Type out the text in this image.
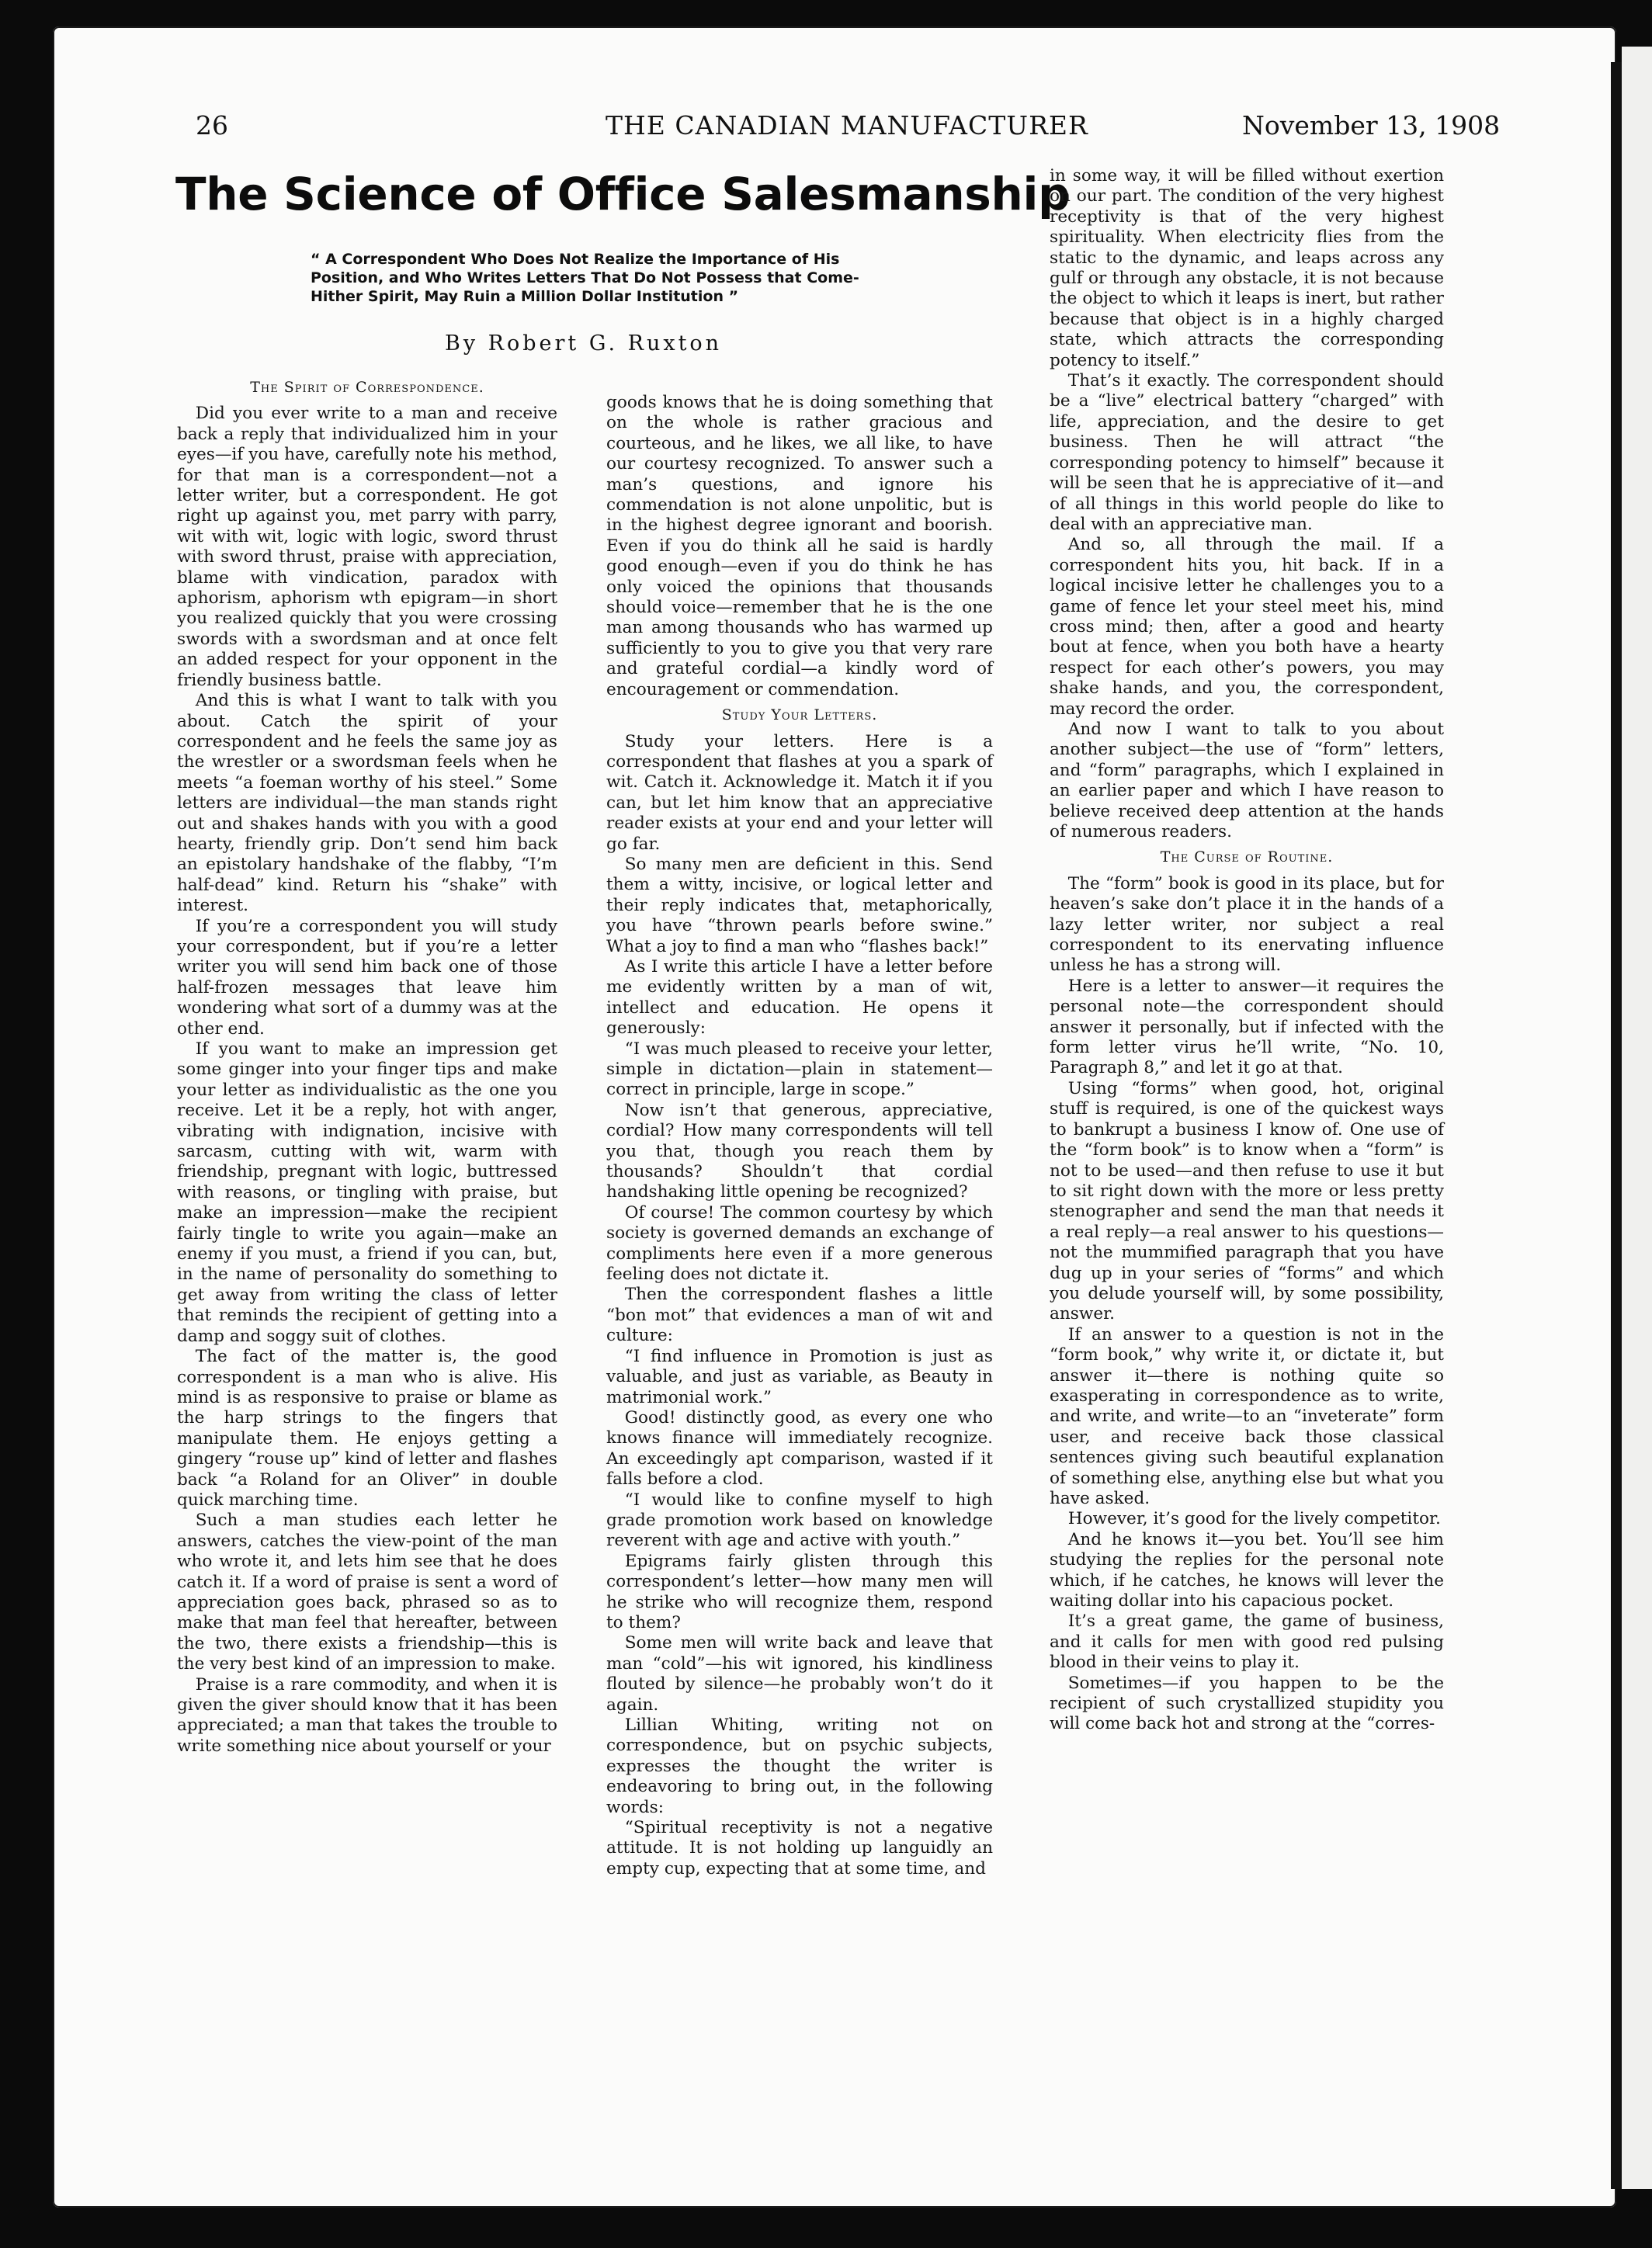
26	THE CANADIAN MANUFACTURER	November 13, 1908
The Science of Office Salesmanship

“ A Correspondent Who Does Not Realize the Importance of His Position, and Who Writes Letters That Do Not Possess that Come-Hither Spirit, May Ruin a Million Dollar Institution ”

By Robert G. Ruxton

The Spirit of Correspondence.

Did you ever write to a man and receive back a reply that individualized him in your eyes—if you have, carefully note his method, for that man is a correspondent—not a letter writer, but a correspondent. He got right up against you, met parry with parry, wit with wit, logic with logic, sword thrust with sword thrust, praise with appreciation, blame with vindication, paradox with aphorism, aphorism wth epigram—in short you realized quickly that you were crossing swords with a swordsman and at once felt an added respect for your opponent in the friendly business battle.

And this is what I want to talk with you about. Catch the spirit of your correspondent and he feels the same joy as the wrestler or a swordsman feels when he meets “a foeman worthy of his steel.” Some letters are individual—the man stands right out and shakes hands with you with a good hearty, friendly grip. Don’t send him back an epistolary handshake of the flabby, “I’m half-dead” kind. Return his “shake” with interest.

If you’re a correspondent you will study your correspondent, but if you’re a letter writer you will send him back one of those half-frozen messages that leave him wondering what sort of a dummy was at the other end.

If you want to make an impression get some ginger into your finger tips and make your letter as individualistic as the one you receive. Let it be a reply, hot with anger, vibrating with indignation, incisive with sarcasm, cutting with wit, warm with friendship, pregnant with logic, buttressed with reasons, or tingling with praise, but make an impression—make the recipient fairly tingle to write you again—make an enemy if you must, a friend if you can, but, in the name of personality do something to get away from writing the class of letter that reminds the recipient of getting into a damp and soggy suit of clothes.

The fact of the matter is, the good correspondent is a man who is alive. His mind is as responsive to praise or blame as the harp strings to the fingers that manipulate them. He enjoys getting a gingery “rouse up” kind of letter and flashes back “a Roland for an Oliver” in double quick marching time.

Such a man studies each letter he answers, catches the view-point of the man who wrote it, and lets him see that he does catch it. If a word of praise is sent a word of appreciation goes back, phrased so as to make that man feel that hereafter, between the two, there exists a friendship—this is the very best kind of an impression to make.

Praise is a rare commodity, and when it is given the giver should know that it has been appreciated; a man that takes the trouble to write something nice about yourself or your

goods knows that he is doing something that on the whole is rather gracious and courteous, and he likes, we all like, to have our courtesy recognized. To answer such a man’s questions, and ignore his commendation is not alone unpolitic, but is in the highest degree ignorant and boorish. Even if you do think all he said is hardly good enough—even if you do think he has only voiced the opinions that thousands should voice—remember that he is the one man among thousands who has warmed up sufficiently to you to give you that very rare and grateful cordial—a kindly word of encouragement or commendation.

Study Your Letters.

Study your letters. Here is a correspondent that flashes at you a spark of wit. Catch it. Acknowledge it. Match it if you can, but let him know that an appreciative reader exists at your end and your letter will go far.

So many men are deficient in this. Send them a witty, incisive, or logical letter and their reply indicates that, metaphorically, you have “thrown pearls before swine.” What a joy to find a man who “flashes back!”

As I write this article I have a letter before me evidently written by a man of wit, intellect and education. He opens it generously:

“I was much pleased to receive your letter, simple in dictation—plain in statement—correct in principle, large in scope.”

Now isn’t that generous, appreciative, cordial? How many correspondents will tell you that, though you reach them by thousands? Shouldn’t that cordial handshaking little opening be recognized?

Of course! The common courtesy by which society is governed demands an exchange of compliments here even if a more generous feeling does not dictate it.

Then the correspondent flashes a little “bon mot” that evidences a man of wit and culture:

“I find influence in Promotion is just as valuable, and just as variable, as Beauty in matrimonial work.”

Good! distinctly good, as every one who knows finance will immediately recognize. An exceedingly apt comparison, wasted if it falls before a clod.

“I would like to confine myself to high grade promotion work based on knowledge reverent with age and active with youth.”

Epigrams fairly glisten through this correspondent’s letter—how many men will he strike who will recognize them, respond to them?

Some men will write back and leave that man “cold”—his wit ignored, his kindliness flouted by silence—he probably won’t do it again.

Lillian Whiting, writing not on correspondence, but on psychic subjects, expresses the thought the writer is endeavoring to bring out, in the following words:

“Spiritual receptivity is not a negative attitude. It is not holding up languidly an empty cup, expecting that at some time, and

in some way, it will be filled without exertion on our part. The condition of the very highest receptivity is that of the very highest spirituality. When electricity flies from the static to the dynamic, and leaps across any gulf or through any obstacle, it is not because the object to which it leaps is inert, but rather because that object is in a highly charged state, which attracts the corresponding potency to itself.”

That’s it exactly. The correspondent should be a “live” electrical battery “charged” with life, appreciation, and the desire to get business. Then he will attract “the corresponding potency to himself” because it will be seen that he is appreciative of it—and of all things in this world people do like to deal with an appreciative man.

And so, all through the mail. If a correspondent hits you, hit back. If in a logical incisive letter he challenges you to a game of fence let your steel meet his, mind cross mind; then, after a good and hearty bout at fence, when you both have a hearty respect for each other’s powers, you may shake hands, and you, the correspondent, may record the order.

And now I want to talk to you about another subject—the use of “form” letters, and “form” paragraphs, which I explained in an earlier paper and which I have reason to believe received deep attention at the hands of numerous readers.

The Curse of Routine.

The “form” book is good in its place, but for heaven’s sake don’t place it in the hands of a lazy letter writer, nor subject a real correspondent to its enervating influence unless he has a strong will.

Here is a letter to answer—it requires the personal note—the correspondent should answer it personally, but if infected with the form letter virus he’ll write, “No. 10, Paragraph 8,” and let it go at that.

Using “forms” when good, hot, original stuff is required, is one of the quickest ways to bankrupt a business I know of. One use of the “form book” is to know when a “form” is not to be used—and then refuse to use it but to sit right down with the more or less pretty stenographer and send the man that needs it a real reply—a real answer to his questions—not the mummified paragraph that you have dug up in your series of “forms” and which you delude yourself will, by some possibility, answer.

If an answer to a question is not in the “form book,” why write it, or dictate it, but answer it—there is nothing quite so exasperating in correspondence as to write, and write, and write—to an “inveterate” form user, and receive back those classical sentences giving such beautiful explanation of something else, anything else but what you have asked.

However, it’s good for the lively competitor.

And he knows it—you bet. You’ll see him studying the replies for the personal note which, if he catches, he knows will lever the waiting dollar into his capacious pocket.

It’s a great game, the game of business, and it calls for men with good red pulsing blood in their veins to play it.

Sometimes—if you happen to be the recipient of such crystallized stupidity you will come back hot and strong at the “corres-
